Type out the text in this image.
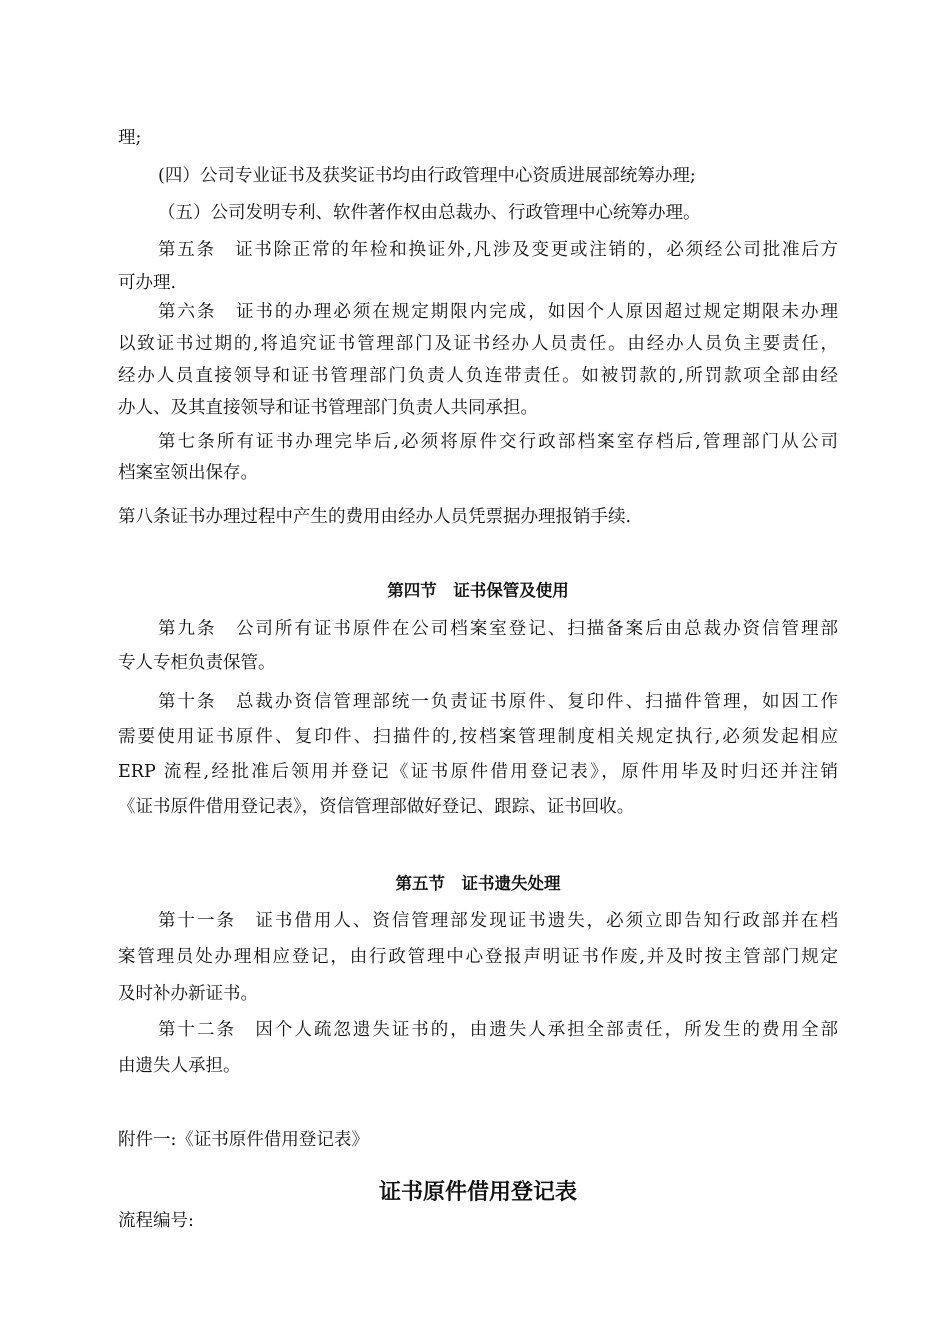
理;
(四）公司专业证书及获奖证书均由行政管理中心资质进展部统筹办理;
（五）公司发明专利、软件著作权由总裁办、行政管理中心统筹办理。
第五条　证书除正常的年检和换证外,凡涉及变更或注销的，必须经公司批准后方
可办理.
第六条　证书的办理必须在规定期限内完成，如因个人原因超过规定期限未办理
以致证书过期的,将追究证书管理部门及证书经办人员责任。由经办人员负主要责任，
经办人员直接领导和证书管理部门负责人负连带责任。如被罚款的,所罚款项全部由经
办人、及其直接领导和证书管理部门负责人共同承担。
第七条所有证书办理完毕后,必须将原件交行政部档案室存档后,管理部门从公司
档案室领出保存。
第八条证书办理过程中产生的费用由经办人员凭票据办理报销手续.
第四节　证书保管及使用
第九条　公司所有证书原件在公司档案室登记、扫描备案后由总裁办资信管理部
专人专柜负责保管。
第十条　总裁办资信管理部统一负责证书原件、复印件、扫描件管理，如因工作
需要使用证书原件、复印件、扫描件的,按档案管理制度相关规定执行,必须发起相应
ERP 流程,经批准后领用并登记《证书原件借用登记表》，原件用毕及时归还并注销
《证书原件借用登记表》，资信管理部做好登记、跟踪、证书回收。
第五节　证书遗失处理
第十一条　证书借用人、资信管理部发现证书遗失，必须立即告知行政部并在档
案管理员处办理相应登记，由行政管理中心登报声明证书作废,并及时按主管部门规定
及时补办新证书。
第十二条　因个人疏忽遗失证书的，由遗失人承担全部责任，所发生的费用全部
由遗失人承担。
附件一:《证书原件借用登记表》
证书原件借用登记表
流程编号:
